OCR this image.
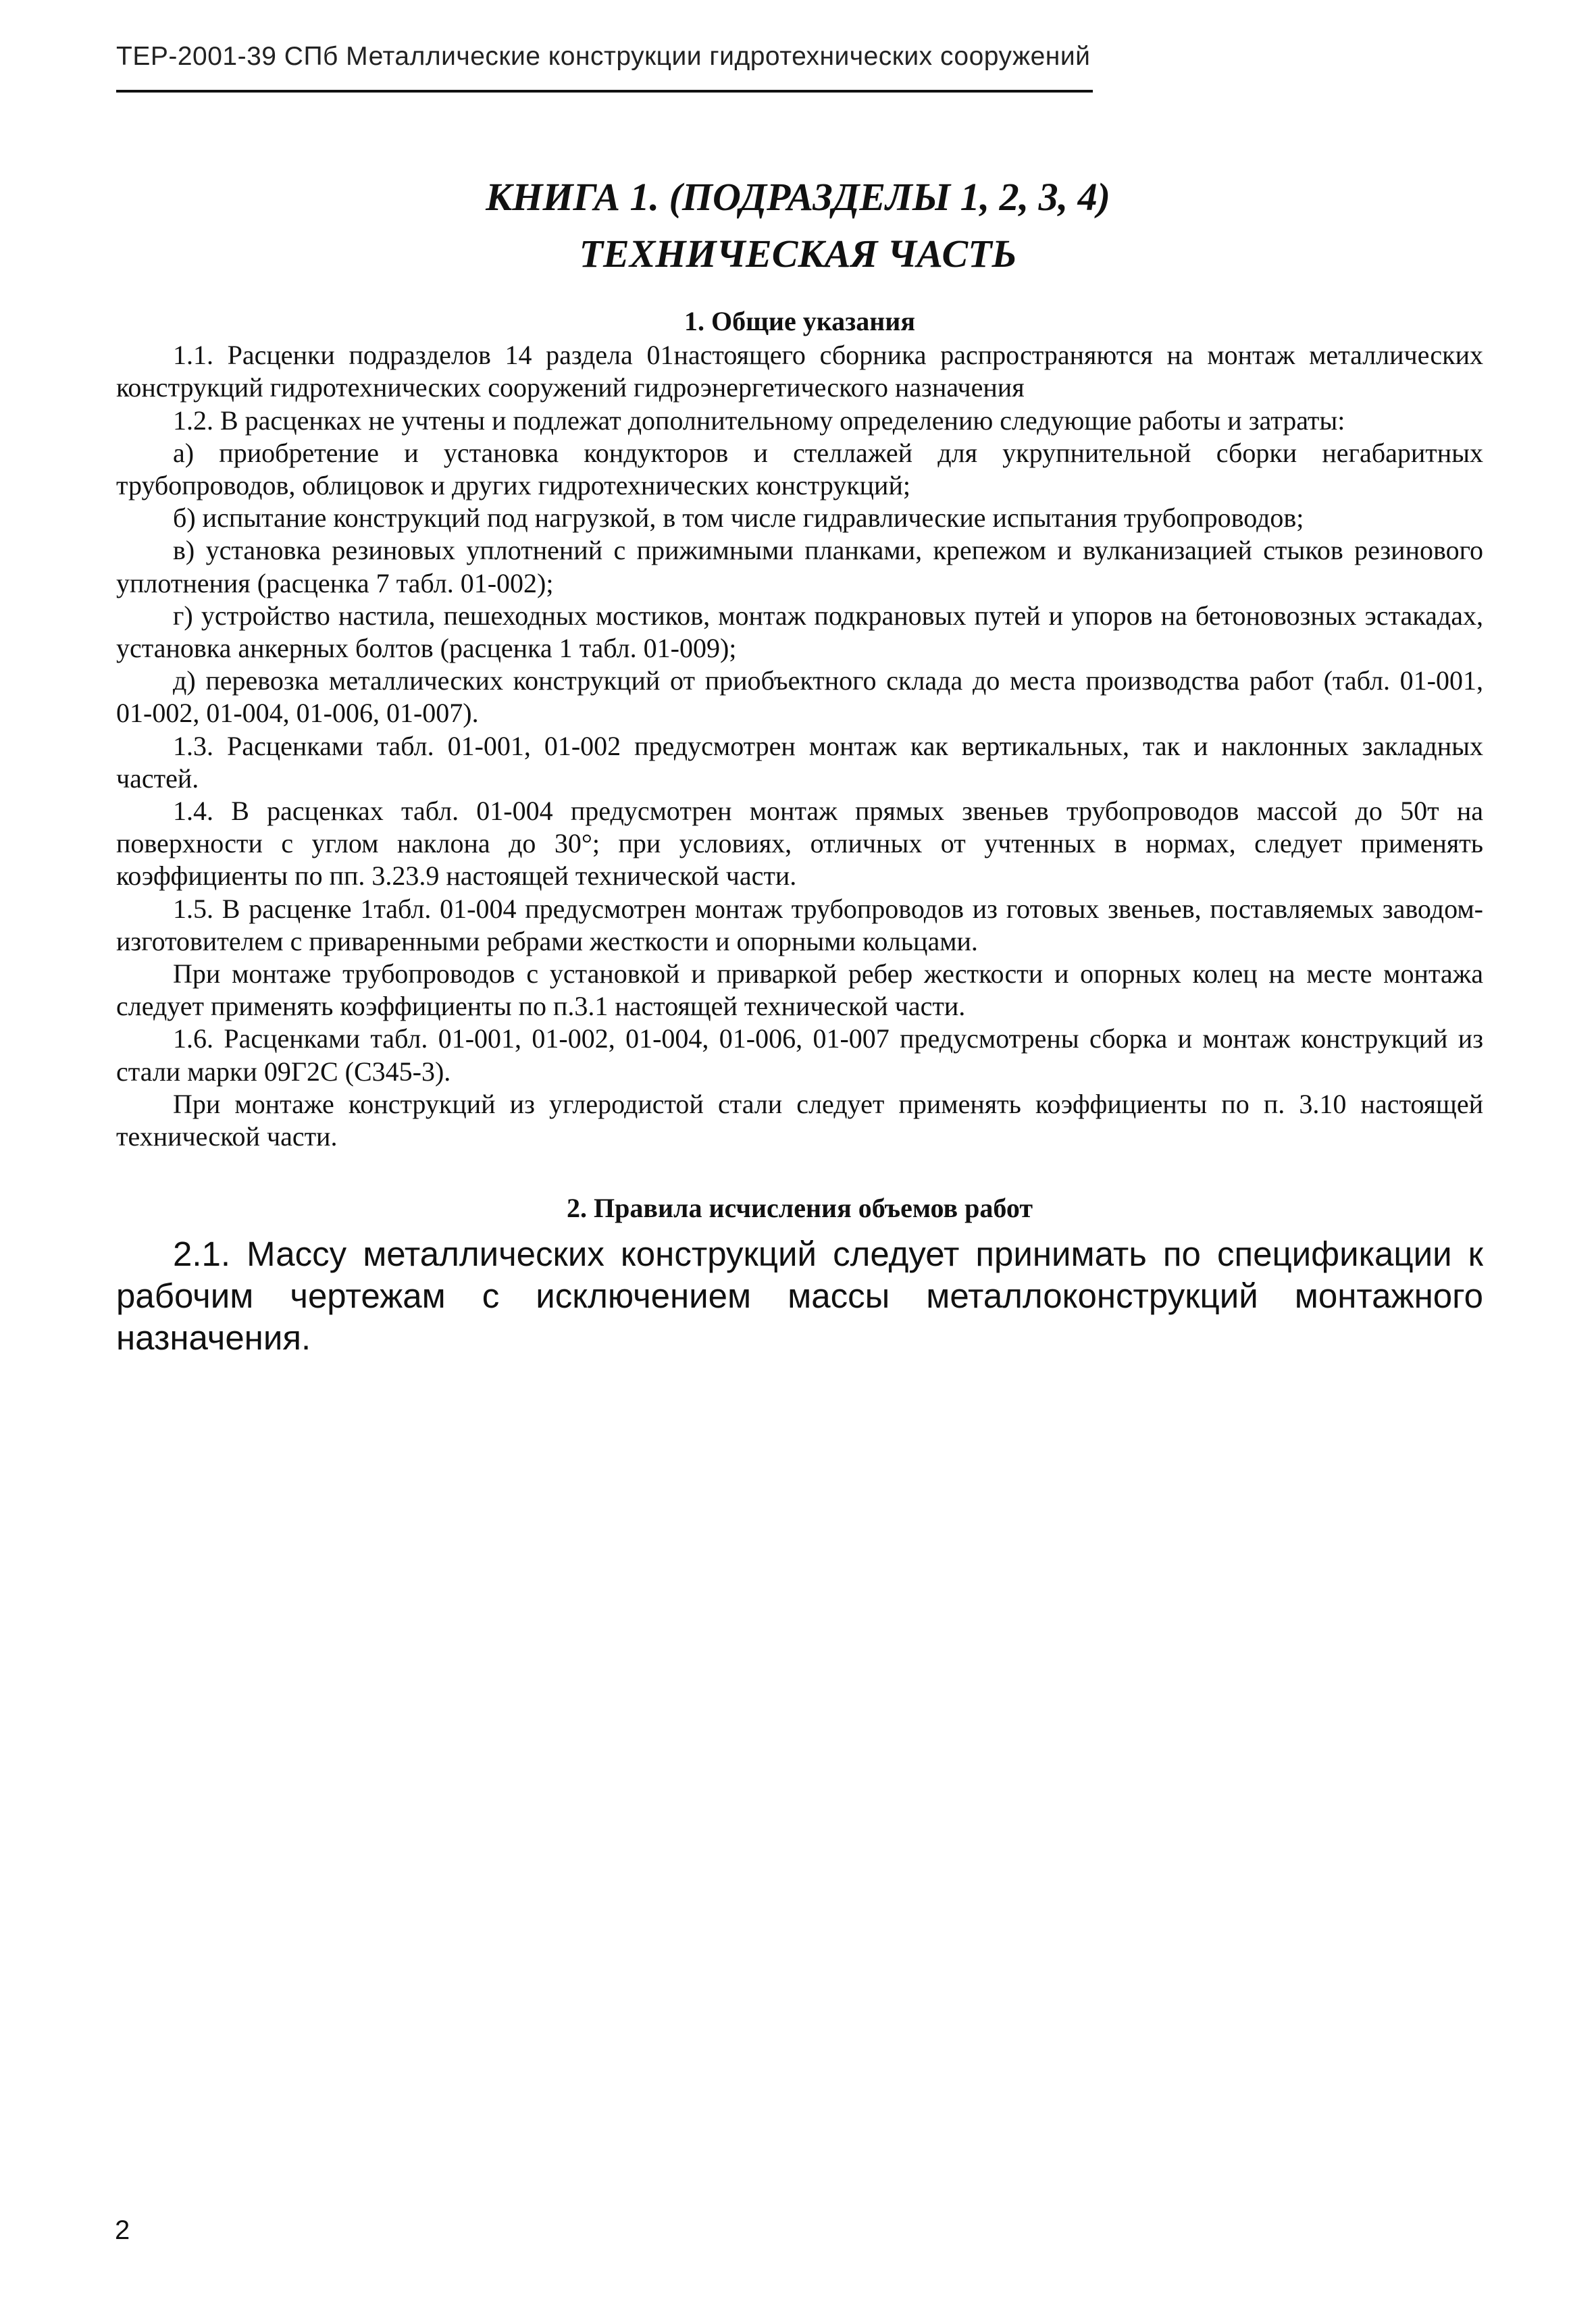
ТЕР-2001-39 СПб Металлические конструкции гидротехнических сооружений
КНИГА 1. (ПОДРАЗДЕЛЫ 1, 2, 3, 4)
ТЕХНИЧЕСКАЯ ЧАСТЬ
1. Общие указания

1.1. Расценки подразделов 14 раздела 01настоящего сборника распространяются на монтаж металлических конструкций гидротехнических сооружений гидроэнергетического назначения

1.2. В расценках не учтены и подлежат дополнительному определению следующие работы и затраты:

а) приобретение и установка кондукторов и стеллажей для укрупнительной сборки негабаритных трубопроводов, облицовок и других гидротехнических конструкций;

б) испытание конструкций под нагрузкой, в том числе гидравлические испытания трубопроводов;

в) установка резиновых уплотнений с прижимными планками, крепежом и вулканизацией стыков резинового уплотнения (расценка 7 табл. 01-002);

г) устройство настила, пешеходных мостиков, монтаж подкрановых путей и упоров на бетоновозных эстакадах, установка анкерных болтов (расценка 1 табл. 01-009);

д) перевозка металлических конструкций от приобъектного склада до места производства работ (табл. 01-001, 01-002, 01-004, 01-006, 01-007).

1.3. Расценками табл. 01-001, 01-002 предусмотрен монтаж как вертикальных, так и наклонных закладных частей.

1.4. В расценках табл. 01-004 предусмотрен монтаж прямых звеньев трубопроводов массой до 50т на поверхности с углом наклона до 30°; при условиях, отличных от учтенных в нормах, следует применять коэффициенты по пп. 3.23.9 настоящей технической части.

1.5. В расценке 1табл. 01-004 предусмотрен монтаж трубопроводов из готовых звеньев, поставляемых заводом-изготовителем с приваренными ребрами жесткости и опорными кольцами.

При монтаже трубопроводов с установкой и приваркой ребер жесткости и опорных колец на месте монтажа следует применять коэффициенты по п.3.1 настоящей технической части.

1.6. Расценками табл. 01-001, 01-002, 01-004, 01-006, 01-007 предусмотрены сборка и монтаж конструкций из стали марки 09Г2С (С345-3).

При монтаже конструкций из углеродистой стали следует применять коэффициенты по п. 3.10 настоящей технической части.

2. Правила исчисления объемов работ

2.1. Массу металлических конструкций следует принимать по спецификации к рабочим чертежам с исключением массы металлоконструкций монтажного назначения.

2
